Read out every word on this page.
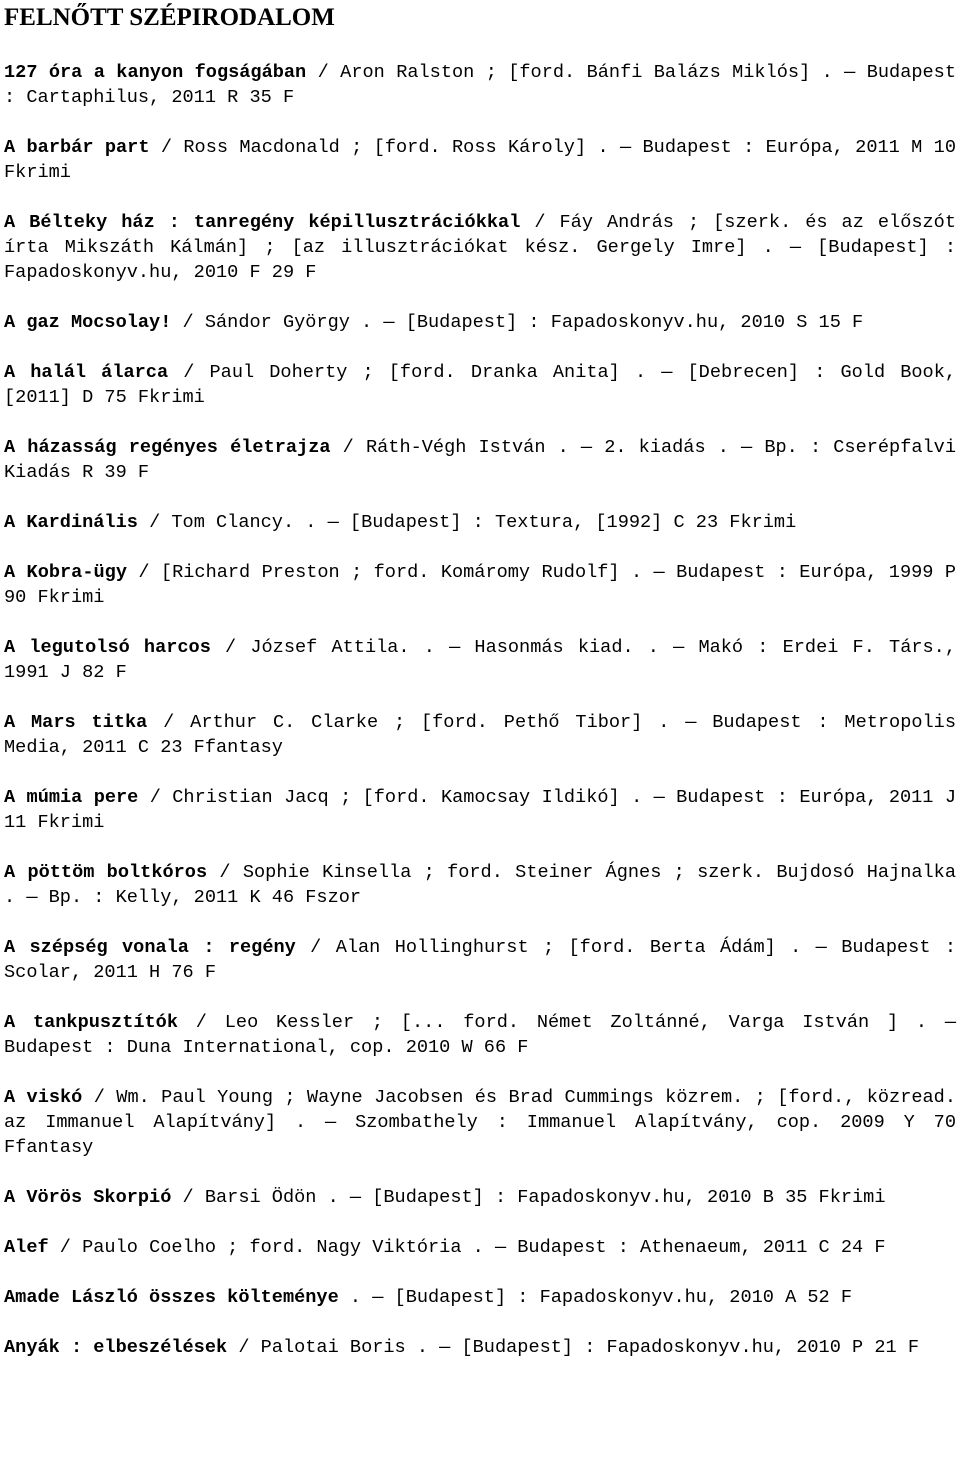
FELNŐTT SZÉPIRODALOM

127 óra a kanyon fogságában / Aron Ralston ; [ford. Bánfi Balázs Miklós] . — Budapest : Cartaphilus, 2011 R 35 F

A barbár part / Ross Macdonald ; [ford. Ross Károly] . — Budapest : Európa, 2011 M 10 Fkrimi

A Bélteky ház : tanregény képillusztrációkkal / Fáy András ; [szerk. és az előszót írta Mikszáth Kálmán] ; [az illusztrációkat kész. Gergely Imre] . — [Budapest] : Fapadoskonyv.hu, 2010 F 29 F

A gaz Mocsolay! / Sándor György . — [Budapest] : Fapadoskonyv.hu, 2010 S 15 F

A halál álarca / Paul Doherty ; [ford. Dranka Anita] . — [Debrecen] : Gold Book, [2011] D 75 Fkrimi

A házasság regényes életrajza / Ráth-Végh István . — 2. kiadás . — Bp. : Cserépfalvi Kiadás R 39 F

A Kardinális / Tom Clancy. . — [Budapest] : Textura, [1992] C 23 Fkrimi

A Kobra-ügy / [Richard Preston ; ford. Komáromy Rudolf] . — Budapest : Európa, 1999 P 90 Fkrimi

A legutolsó harcos / József Attila. . — Hasonmás kiad. . — Makó : Erdei F. Társ., 1991 J 82 F

A Mars titka / Arthur C. Clarke ; [ford. Pethő Tibor] . — Budapest : Metropolis Media, 2011 C 23 Ffantasy

A múmia pere / Christian Jacq ; [ford. Kamocsay Ildikó] . — Budapest : Európa, 2011 J 11 Fkrimi

A pöttöm boltkóros / Sophie Kinsella ; ford. Steiner Ágnes ; szerk. Bujdosó Hajnalka . — Bp. : Kelly, 2011 K 46 Fszor

A szépség vonala : regény / Alan Hollinghurst ; [ford. Berta Ádám] . — Budapest : Scolar, 2011 H 76 F

A tankpusztítók / Leo Kessler ; [... ford. Német Zoltánné, Varga István ] . — Budapest : Duna International, cop. 2010 W 66 F

A viskó / Wm. Paul Young ; Wayne Jacobsen és Brad Cummings közrem. ; [ford., közread. az Immanuel Alapítvány] . — Szombathely : Immanuel Alapítvány, cop. 2009 Y 70 Ffantasy

A Vörös Skorpió / Barsi Ödön . — [Budapest] : Fapadoskonyv.hu, 2010 B 35 Fkrimi

Alef / Paulo Coelho ; ford. Nagy Viktória . — Budapest : Athenaeum, 2011 C 24 F

Amade László összes költeménye . — [Budapest] : Fapadoskonyv.hu, 2010 A 52 F

Anyák : elbeszélések / Palotai Boris . — [Budapest] : Fapadoskonyv.hu, 2010 P 21 F
